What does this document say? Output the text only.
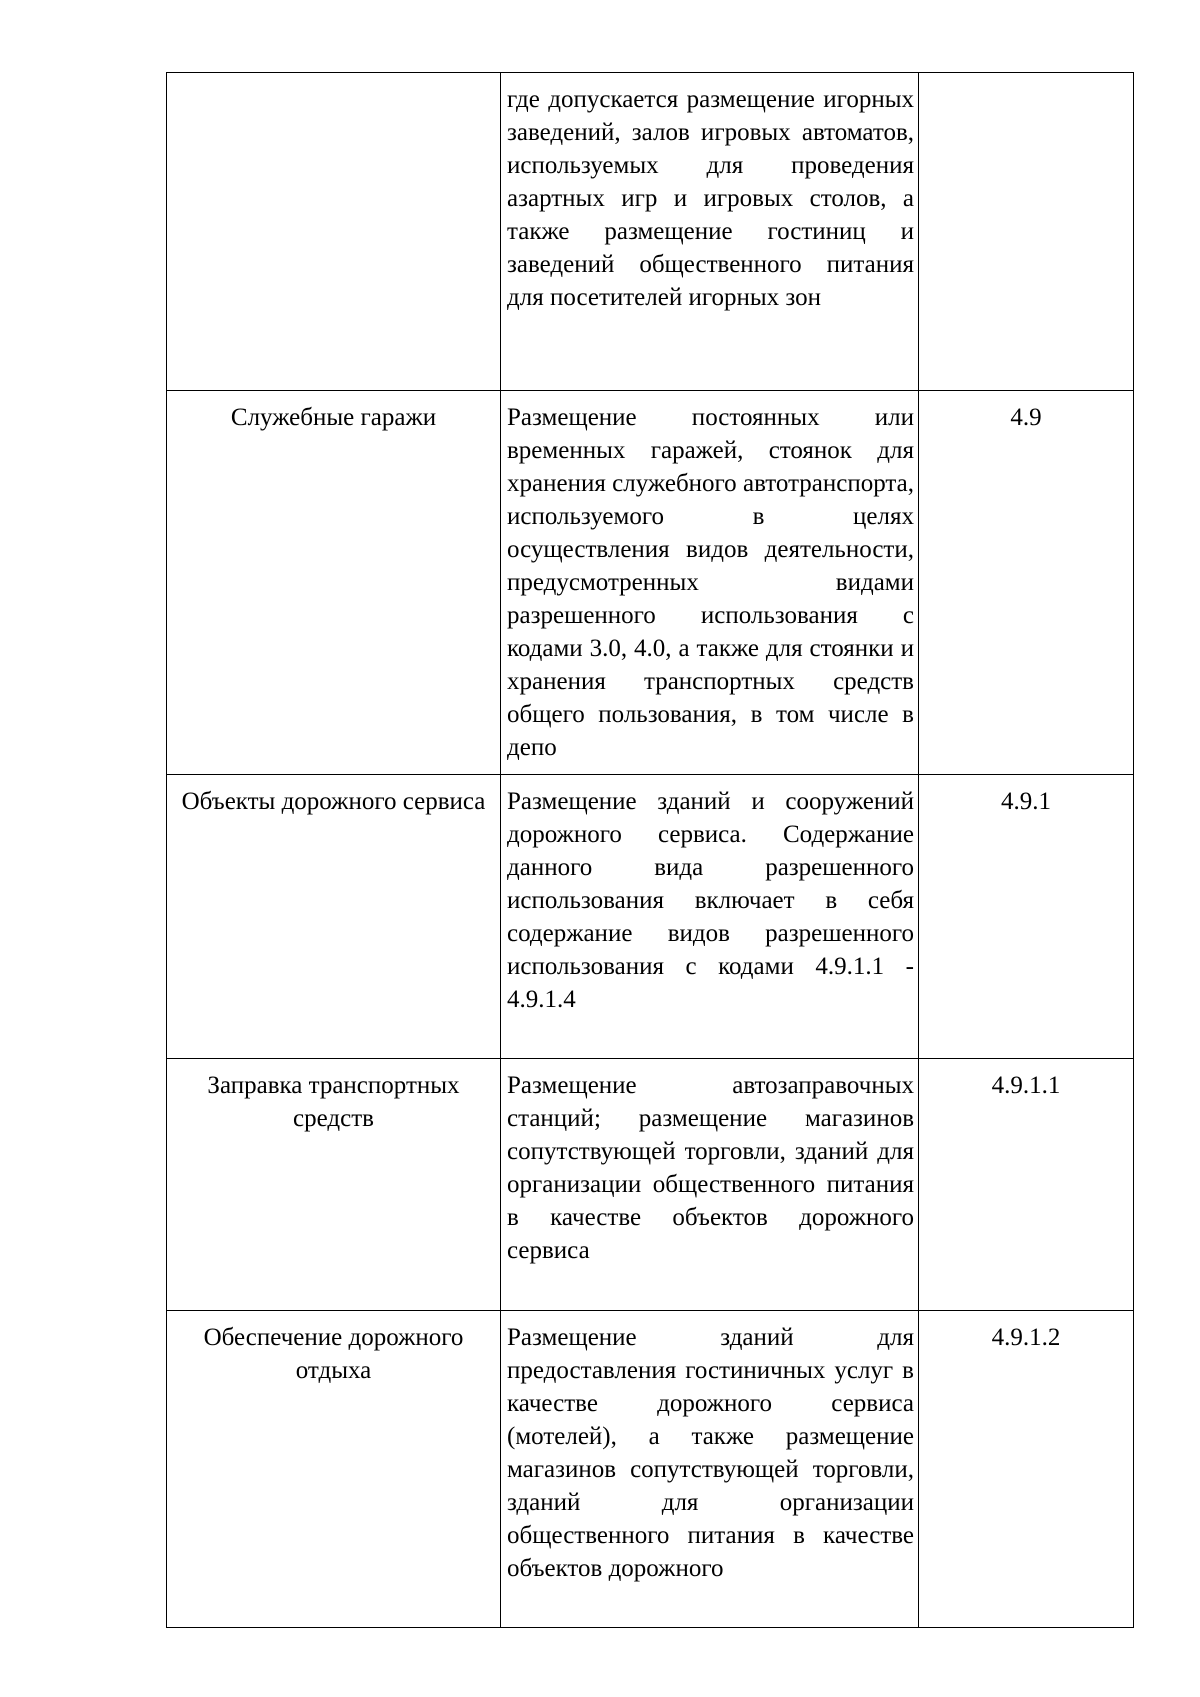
	где допускается размещение игорных заведений, залов игровых автоматов, используемых для проведения азартных игр и игровых столов, а также размещение гостиниц и заведений общественного питания для посетителей игорных зон	

Служебные гаражи	Размещение постоянных или временных гаражей, стоянок для хранения служебного автотранспорта, используемого в целях осуществления видов деятельности, предусмотренных видами разрешенного использования с кодами 3.0, 4.0, а также для стоянки и хранения транспортных средств общего пользования, в том числе в депо	4.9
Объекты дорожного сервиса	Размещение зданий и сооружений дорожного сервиса. Содержание данного вида разрешенного использования включает в себя содержание видов разрешенного использования с кодами 4.9.1.1 - 4.9.1.4	4.9.1
Заправка транспортных средств	Размещение автозаправочных станций; размещение магазинов сопутствующей торговли, зданий для организации общественного питания в качестве объектов дорожного сервиса	4.9.1.1
Обеспечение дорожного отдыха	Размещение зданий для предоставления гостиничных услуг в качестве дорожного сервиса (мотелей), а также размещение магазинов сопутствующей торговли, зданий для организации общественного питания в качестве объектов дорожного	4.9.1.2
